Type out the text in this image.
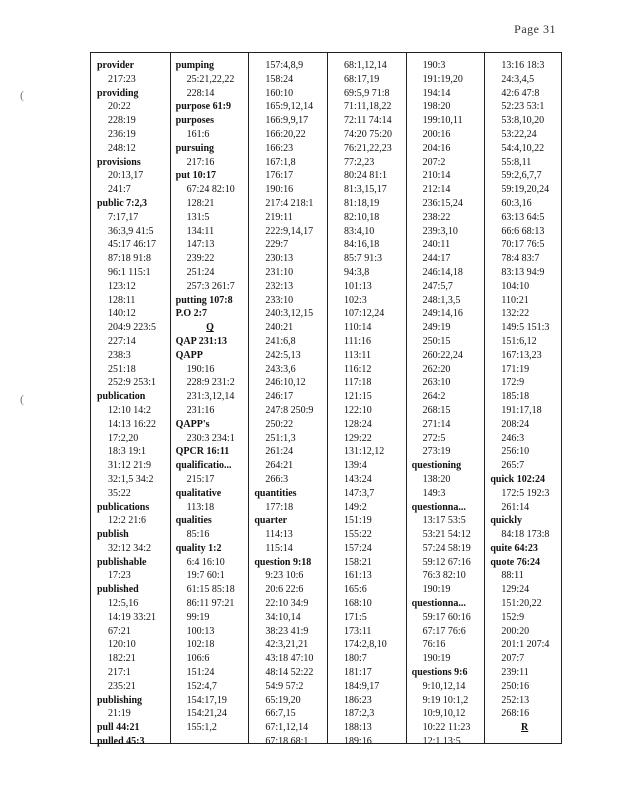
Page 31
(
(
provider
217:23
providing
20:22
228:19
236:19
248:12
provisions
20:13,17
241:7
public 7:2,3
7:17,17
36:3,9 41:5
45:17 46:17
87:18 91:8
96:1 115:1
123:12
128:11
140:12
204:9 223:5
227:14
238:3
251:18
252:9 253:1
publication
12:10 14:2
14:13 16:22
17:2,20
18:3 19:1
31:12 21:9
32:1,5 34:2
35:22
publications
12:2 21:6
publish
32:12 34:2
publishable
17:23
published
12:5,16
14:19 33:21
67:21
120:10
182:21
217:1
235:21
publishing
21:19
pull 44:21
pulled 45:3
pumping
25:21,22,22
228:14
purpose 61:9
purposes
161:6
pursuing
217:16
put 10:17
67:24 82:10
128:21
131:5
134:11
147:13
239:22
251:24
257:3 261:7
putting 107:8
P.O 2:7
Q
QAP 231:13
QAPP
190:16
228:9 231:2
231:3,12,14
231:16
QAPP's
230:3 234:1
QPCR 16:11
qualificatio...
215:17
qualitative
113:18
qualities
85:16
quality 1:2
6:4 16:10
19:7 60:1
61:15 85:18
86:11 97:21
99:19
100:13
102:18
106:6
151:24
152:4,7
154:17,19
154:21,24
155:1,2
157:4,8,9
158:24
160:10
165:9,12,14
166:9,9,17
166:20,22
166:23
167:1,8
176:17
190:16
217:4 218:1
219:11
222:9,14,17
229:7
230:13
231:10
232:13
233:10
240:3,12,15
240:21
241:6,8
242:5,13
243:3,6
246:10,12
246:17
247:8 250:9
250:22
251:1,3
261:24
264:21
266:3
quantities
177:18
quarter
114:13
115:14
question 9:18
9:23 10:6
20:6 22:6
22:10 34:9
34:10,14
38:23 41:9
42:3,21,21
43:18 47:10
48:14 52:22
54:9 57:2
65:19,20
66:7,15
67:1,12,14
67:18 68:1
68:1,12,14
68:17,19
69:5,9 71:8
71:11,18,22
72:11 74:14
74:20 75:20
76:21,22,23
77:2,23
80:24 81:1
81:3,15,17
81:18,19
82:10,18
83:4,10
84:16,18
85:7 91:3
94:3,8
101:13
102:3
107:12,24
110:14
111:16
113:11
116:12
117:18
121:15
122:10
128:24
129:22
131:12,12
139:4
143:24
147:3,7
149:2
151:19
155:22
157:24
158:21
161:13
165:6
168:10
171:5
173:11
174:2,8,10
180:7
181:17
184:9,17
186:23
187:2,3
188:13
189:16
190:3
191:19,20
194:14
198:20
199:10,11
200:16
204:16
207:2
210:14
212:14
236:15,24
238:22
239:3,10
240:11
244:17
246:14,18
247:5,7
248:1,3,5
249:14,16
249:19
250:15
260:22,24
262:20
263:10
264:2
268:15
271:14
272:5
273:19
questioning
138:20
149:3
questionna...
13:17 53:5
53:21 54:12
57:24 58:19
59:12 67:16
76:3 82:10
190:19
questionna...
59:17 60:16
67:17 76:6
76:16
190:19
questions 9:6
9:10,12,14
9:19 10:1,2
10:9,10,12
10:22 11:23
12:1 13:5
13:16 18:3
24:3,4,5
42:6 47:8
52:23 53:1
53:8,10,20
53:22,24
54:4,10,22
55:8,11
59:2,6,7,7
59:19,20,24
60:3,16
63:13 64:5
66:6 68:13
70:17 76:5
78:4 83:7
83:13 94:9
104:10
110:21
132:22
149:5 151:3
151:6,12
167:13,23
171:19
172:9
185:18
191:17,18
208:24
246:3
256:10
265:7
quick 102:24
172:5 192:3
261:14
quickly
84:18 173:8
quite 64:23
quote 76:24
88:11
129:24
151:20,22
152:9
200:20
201:1 207:4
207:7
239:11
250:16
252:13
268:16
R
